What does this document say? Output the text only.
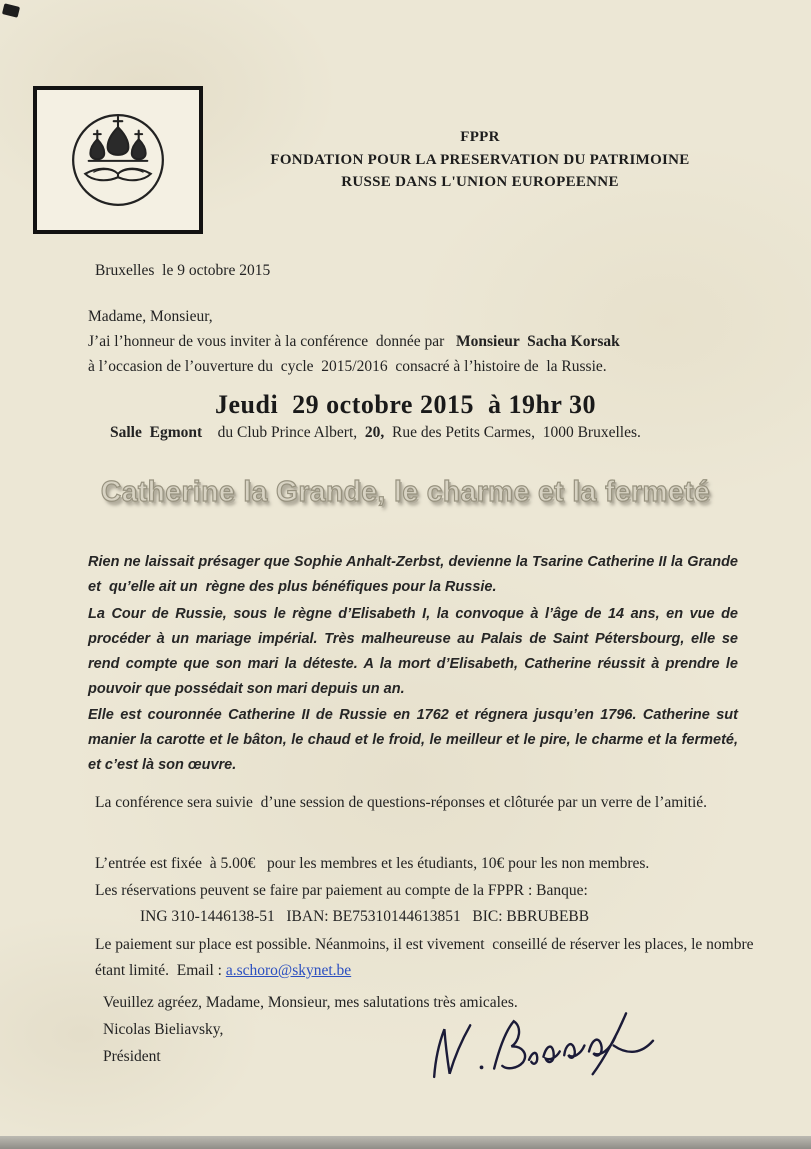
FPPR
FONDATION POUR LA PRESERVATION DU PATRIMOINE
RUSSE DANS L'UNION EUROPEENNE
Bruxelles  le 9 octobre 2015
Madame, Monsieur,
J’ai l’honneur de vous inviter à la conférence  donnée par   Monsieur  Sacha Korsak
à l’occasion de l’ouverture du  cycle  2015/2016  consacré à l’histoire de  la Russie.
Jeudi  29 octobre 2015  à 19hr 30
Salle  Egmont    du Club Prince Albert,  20,  Rue des Petits Carmes,  1000 Bruxelles.
Catherine la Grande, le charme et la fermeté
Rien ne laissait présager que Sophie Anhalt-Zerbst, devienne la Tsarine Catherine II la Grande et  qu’elle ait un  règne des plus bénéfiques pour la Russie.
La Cour de Russie, sous le règne d’Elisabeth I, la convoque à l’âge de 14 ans, en vue de procéder à un mariage impérial. Très malheureuse au Palais de Saint Pétersbourg, elle se rend compte que son mari la déteste. A la mort d’Elisabeth, Catherine réussit à prendre le pouvoir que possédait son mari depuis un an.
Elle est couronnée Catherine II de Russie en 1762 et régnera jusqu’en 1796. Catherine sut manier la carotte et le bâton, le chaud et le froid, le meilleur et le pire, le charme et la fermeté, et c’est là son œuvre.
La conférence sera suivie  d’une session de questions-réponses et clôturée par un verre de l’amitié.
L’entrée est fixée  à 5.00€   pour les membres et les étudiants, 10€ pour les non membres.
Les réservations peuvent se faire par paiement au compte de la FPPR : Banque:
ING 310-1446138-51   IBAN: BE75310144613851   BIC: BBRUBEBB
Le paiement sur place est possible. Néanmoins, il est vivement  conseillé de réserver les places, le nombre étant limité.  Email : a.schoro@skynet.be
Veuillez agréez, Madame, Monsieur, mes salutations très amicales.
Nicolas Bieliavsky,
Président
